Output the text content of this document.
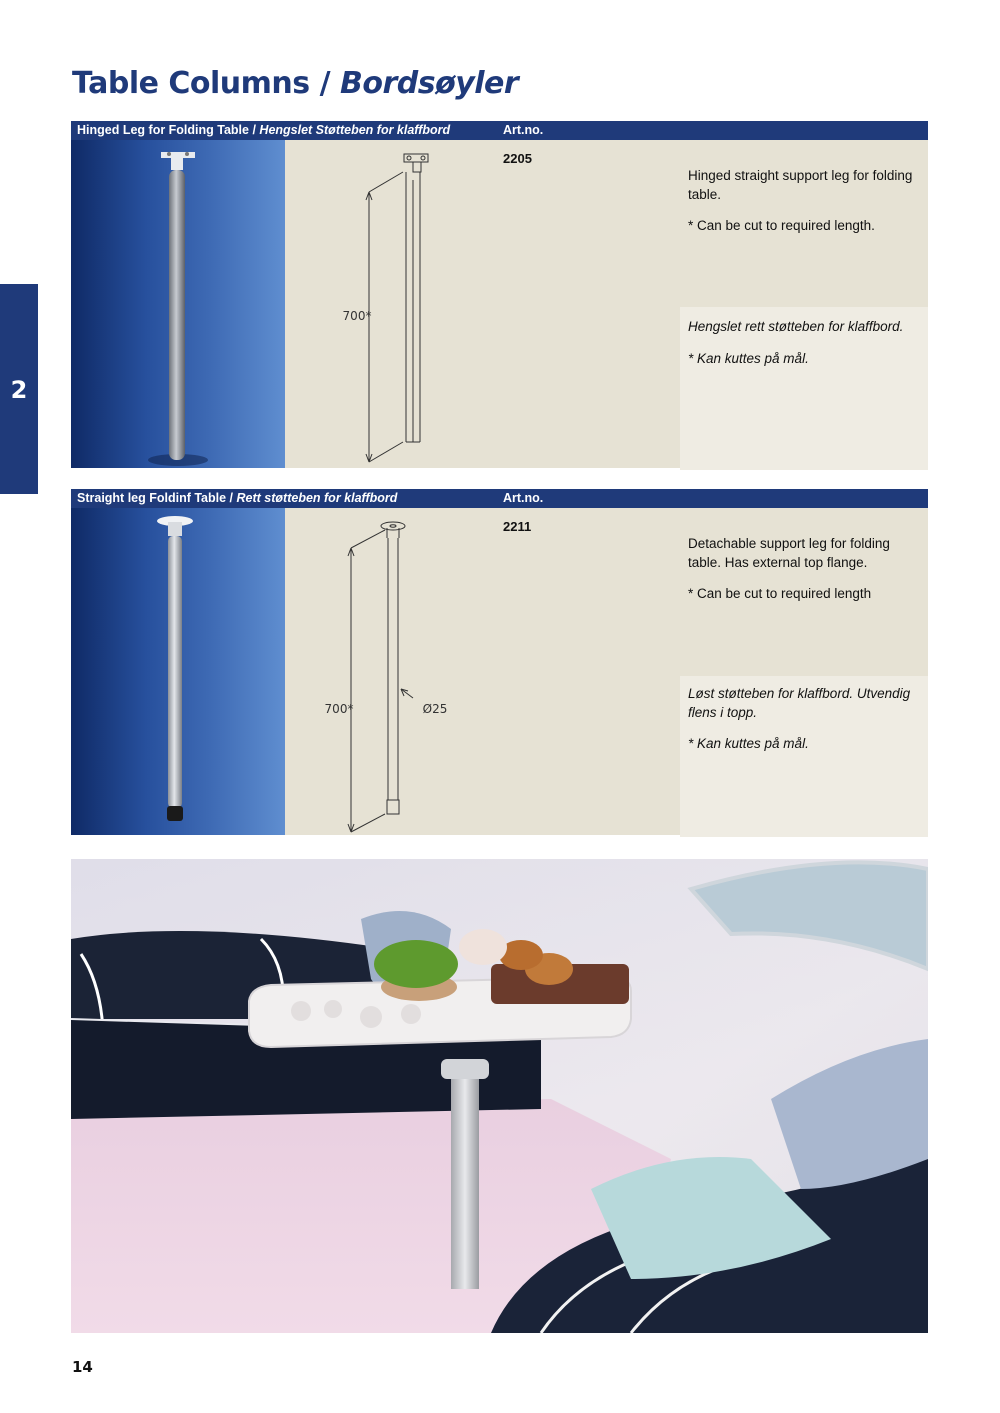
Table Columns / Bordsøyler
2
Hinged Leg for Folding Table / Hengslet Støtteben for klaffbord	Art.no.
700*

Hinged straight support leg for folding table.

* Can be cut to required length.

Hengslet rett støtteben for klaffbord.

* Kan kuttes på mål.

2205
Straight leg Foldinf Table / Rett støtteben for klaffbord	Art.no.
700*	Ø25

Detachable support leg for folding table. Has external top flange.

* Can be cut to required length

Løst støtteben for klaffbord. Utvendig flens i topp.

* Kan kuttes på mål.

2211
14
